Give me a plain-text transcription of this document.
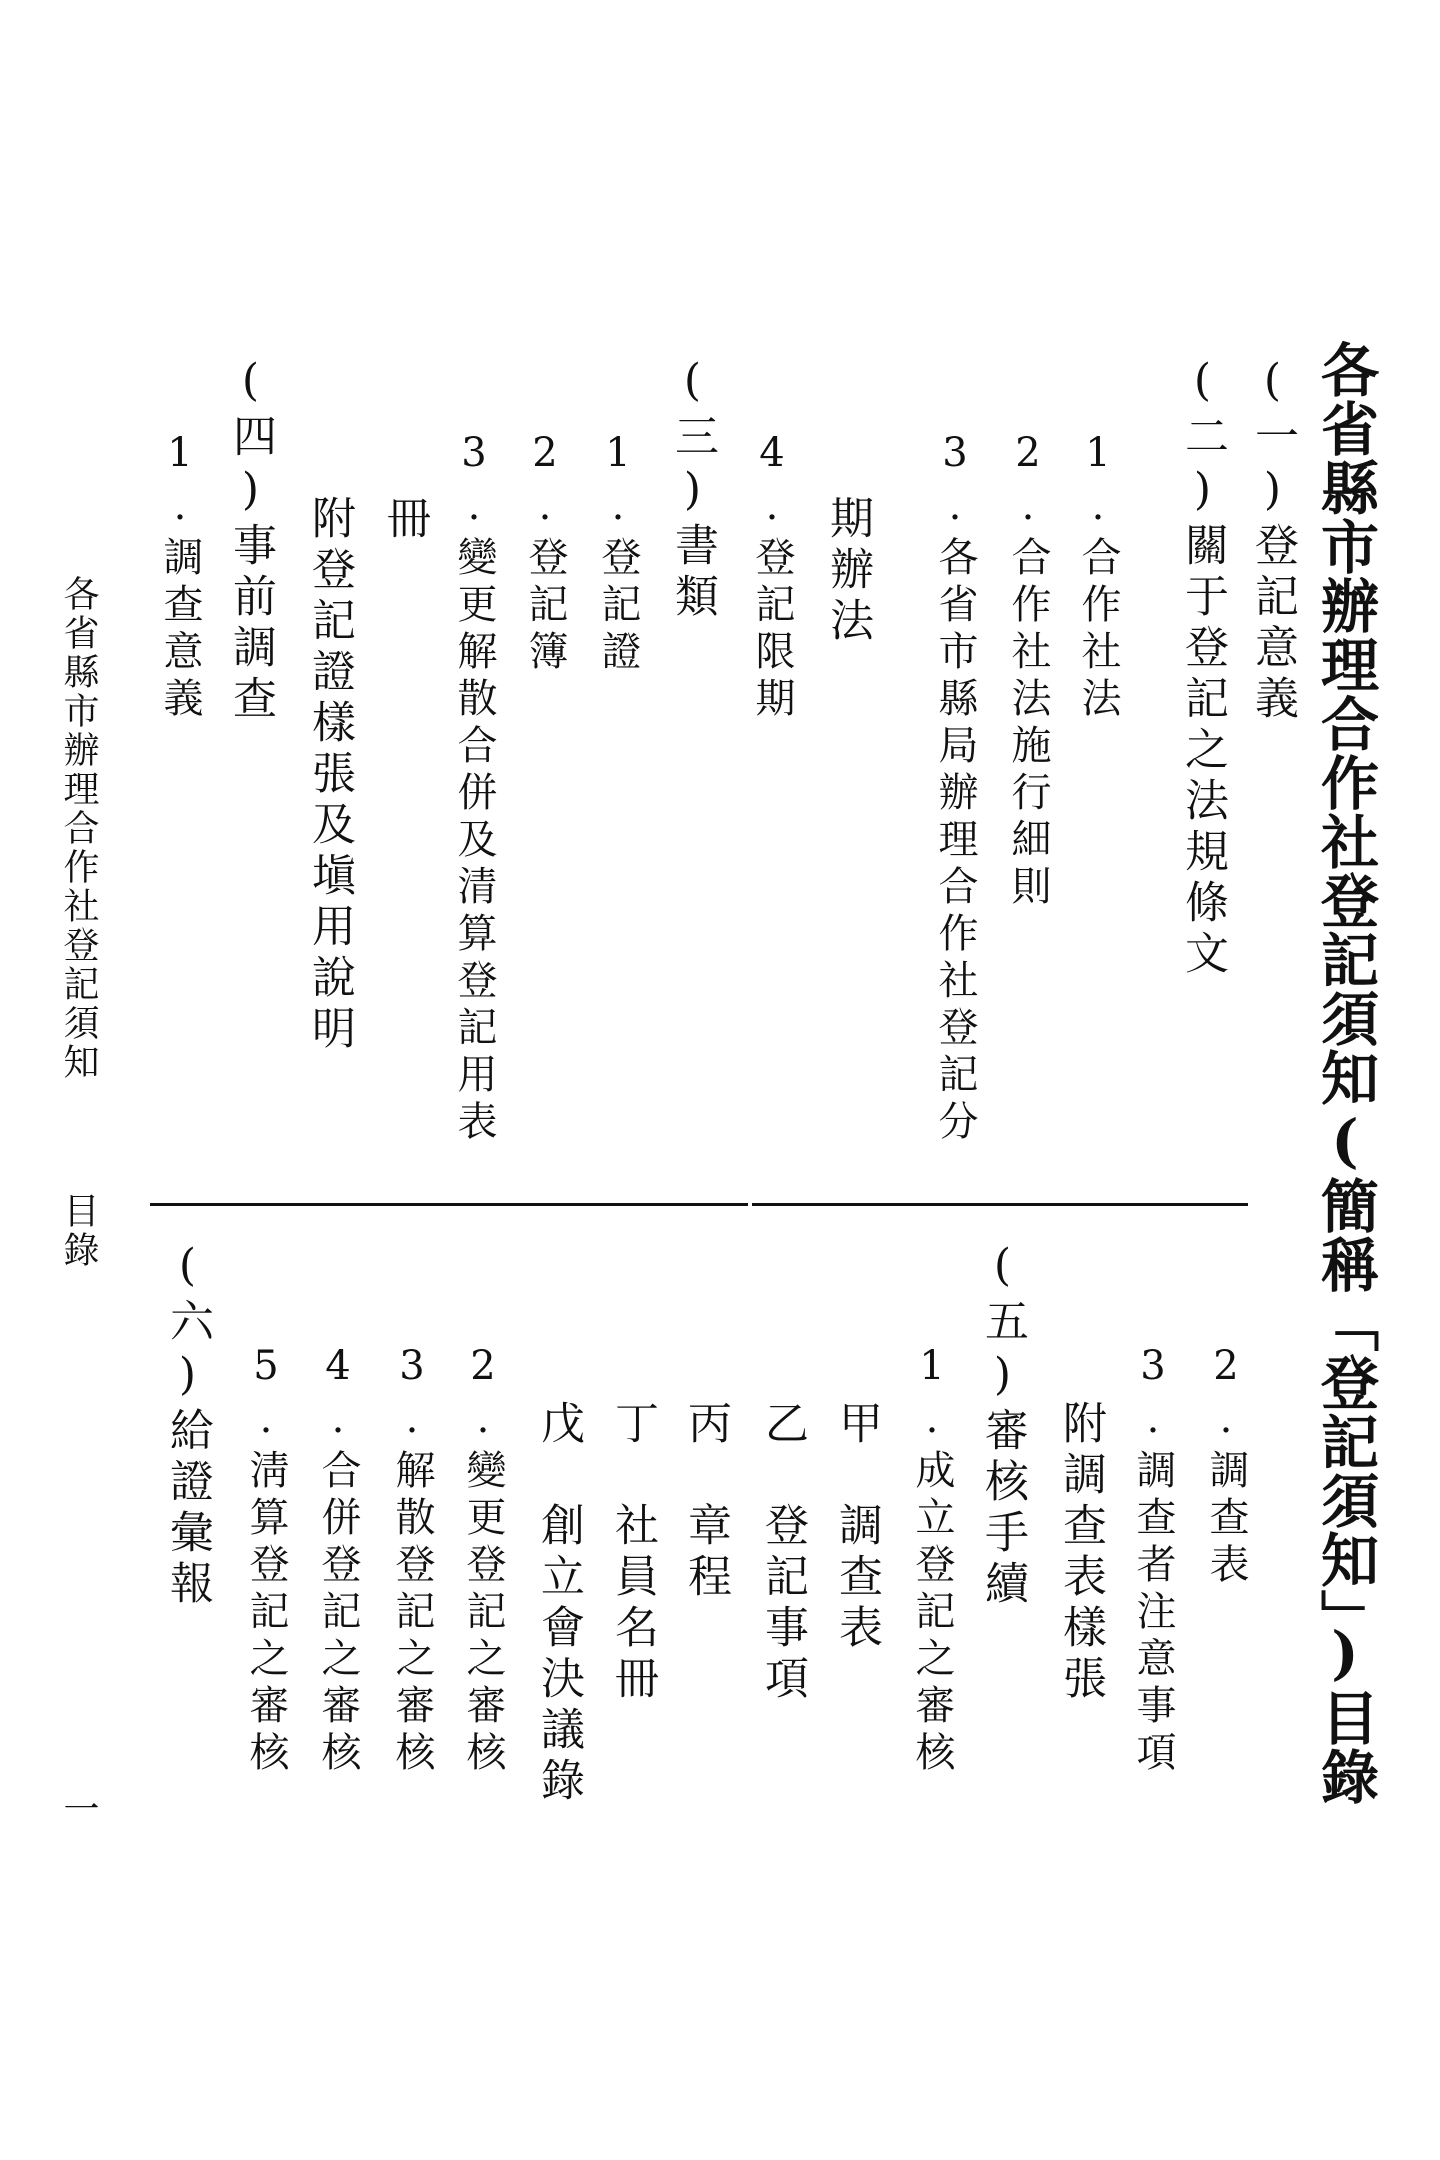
各省縣市辦理合作社登記須知(簡稱「登記須知」)目錄
(一)登記意義
(二)關于登記之法規條文
1.合作社法
2.合作社法施行細則
3.各省市縣局辦理合作社登記分
期辦法
4.登記限期
(三)書類
1.登記證
2.登記簿
3.變更解散合併及清算登記用表
冊
附登記證樣張及塡用說明
(四)事前調查
1.調查意義
2.調查表
3.調查者注意事項
附調查表樣張
(五)審核手續
1.成立登記之審核
甲　調查表
乙　登記事項
丙　章程
丁　社員名冊
戊　創立會決議錄
2.變更登記之審核
3.解散登記之審核
4.合併登記之審核
5.淸算登記之審核
(六)給證彙報
各省縣市辦理合作社登記須知
目錄
一
